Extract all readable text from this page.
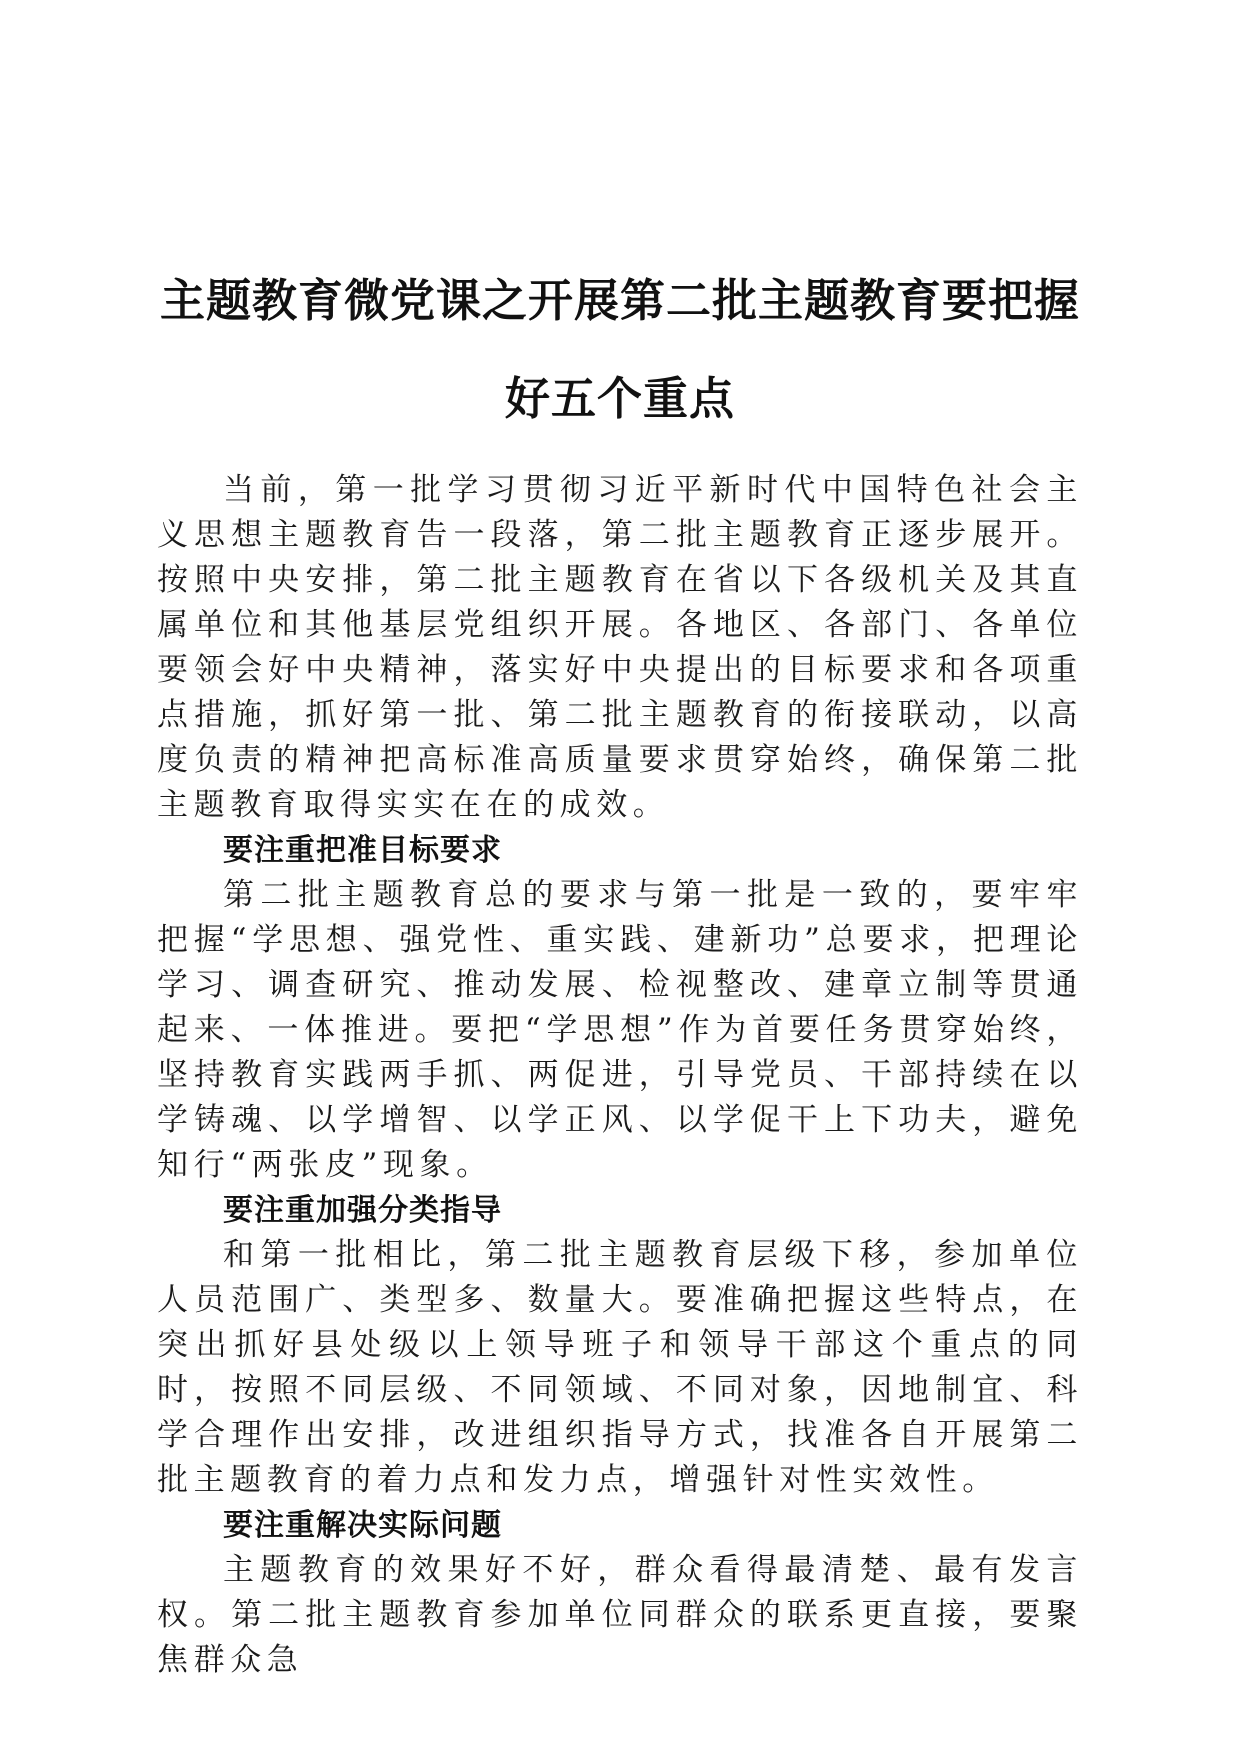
主题教育微党课之开展第二批主题教育要把握好五个重点

当前，第一批学习贯彻习近平新时代中国特色社会主义思想主题教育告一段落，第二批主题教育正逐步展开。按照中央安排，第二批主题教育在省以下各级机关及其直属单位和其他基层党组织开展。各地区、各部门、各单位要领会好中央精神，落实好中央提出的目标要求和各项重点措施，抓好第一批、第二批主题教育的衔接联动，以高度负责的精神把高标准高质量要求贯穿始终，确保第二批主题教育取得实实在在的成效。

要注重把准目标要求

第二批主题教育总的要求与第一批是一致的，要牢牢把握“学思想、强党性、重实践、建新功”总要求，把理论学习、调查研究、推动发展、检视整改、建章立制等贯通起来、一体推进。要把“学思想”作为首要任务贯穿始终，坚持教育实践两手抓、两促进，引导党员、干部持续在以学铸魂、以学增智、以学正风、以学促干上下功夫，避免知行“两张皮”现象。

要注重加强分类指导

和第一批相比，第二批主题教育层级下移，参加单位人员范围广、类型多、数量大。要准确把握这些特点，在突出抓好县处级以上领导班子和领导干部这个重点的同时，按照不同层级、不同领域、不同对象，因地制宜、科学合理作出安排，改进组织指导方式，找准各自开展第二批主题教育的着力点和发力点，增强针对性实效性。

要注重解决实际问题

主题教育的效果好不好，群众看得最清楚、最有发言权。第二批主题教育参加单位同群众的联系更直接，要聚焦群众急
